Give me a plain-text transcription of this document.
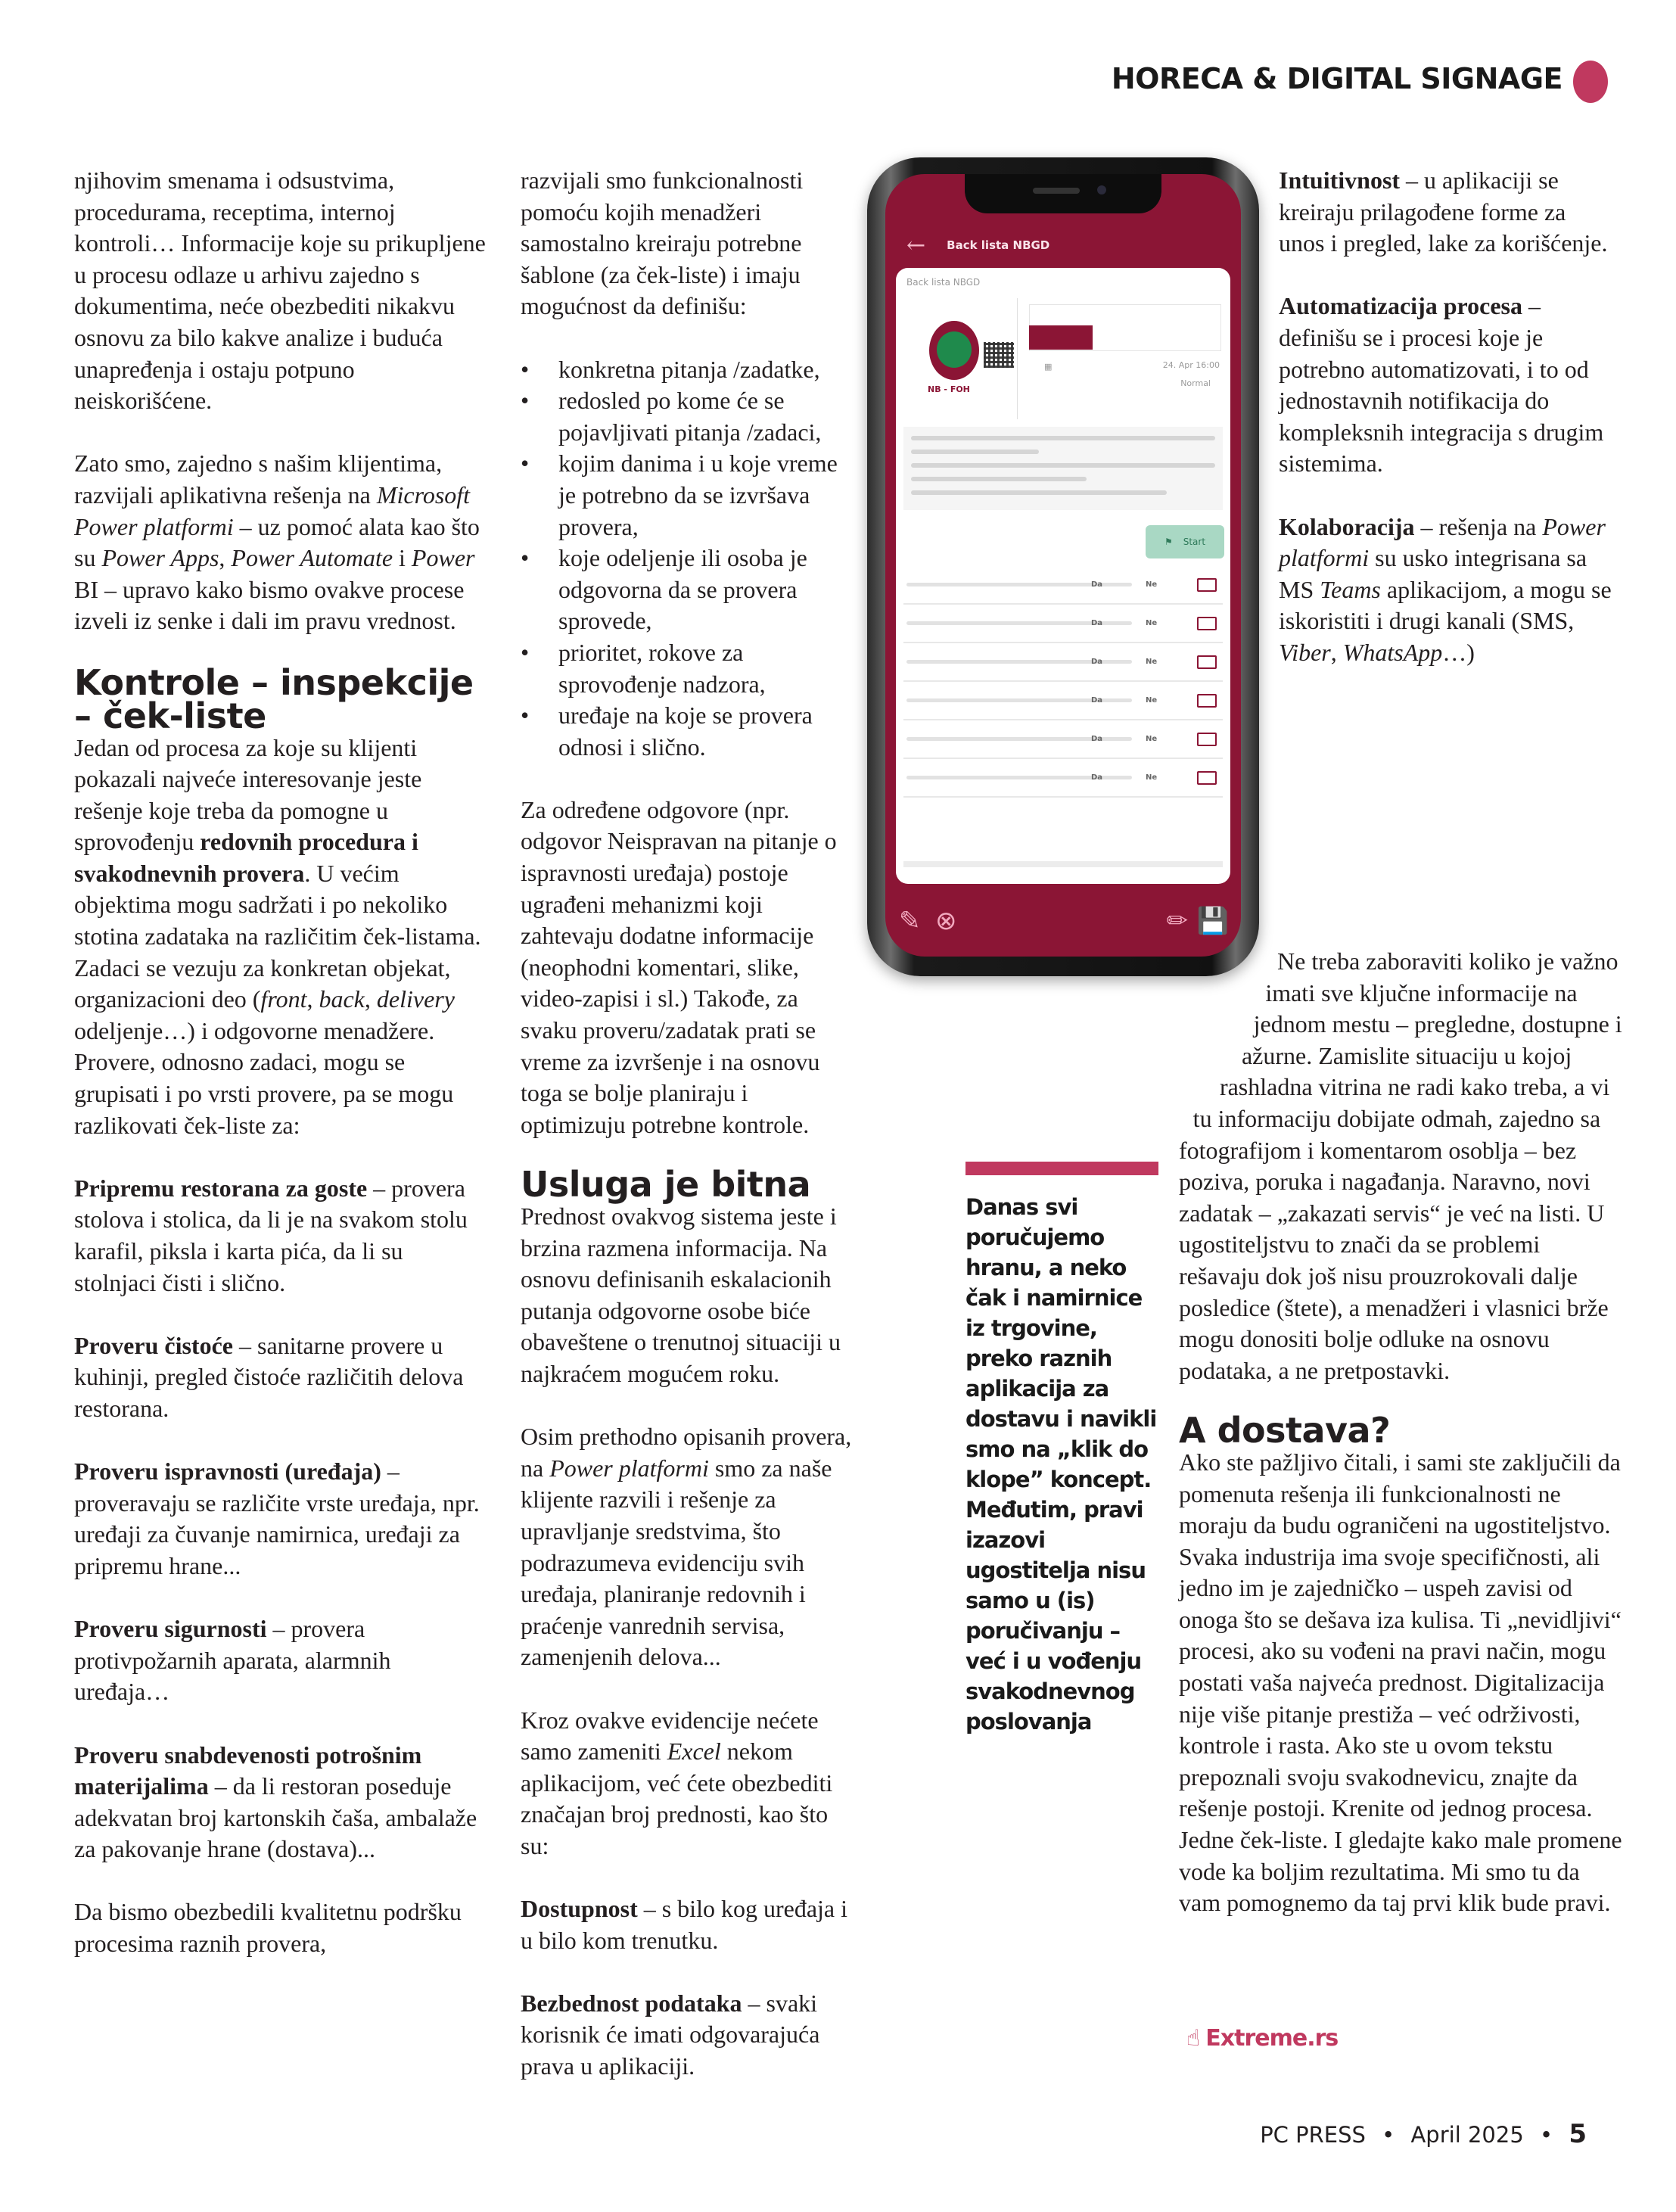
HORECA & DIGITAL SIGNAGE

njihovim smenama i odsustvima, procedurama, receptima, internoj kontroli… Informacije koje su prikupljene u procesu odlaze u arhivu zajedno s dokumentima, neće obezbediti nikakvu osnovu za bilo kakve analize i buduća unapređenja i ostaju potpuno neiskorišćene.

Zato smo, zajedno s našim klijentima, razvijali aplikativna rešenja na Microsoft Power platformi – uz pomoć alata kao što su Power Apps, Power Automate i Power BI – upravo kako bismo ovakve procese izveli iz senke i dali im pravu vrednost.

Kontrole – inspekcije – ček-liste

Jedan od procesa za koje su klijenti pokazali najveće interesovanje jeste rešenje koje treba da pomogne u sprovođenju redovnih procedura i svakodnevnih provera. U većim objektima mogu sadržati i po nekoliko stotina zadataka na različitim ček-listama. Zadaci se vezuju za konkretan objekat, organizacioni deo (front, back, delivery odeljenje…) i odgovorne menadžere. Provere, odnosno zadaci, mogu se grupisati i po vrsti provere, pa se mogu razlikovati ček-liste za:

Pripremu restorana za goste – provera stolova i stolica, da li je na svakom stolu karafil, piksla i karta pića, da li su stolnjaci čisti i slično.

Proveru čistoće – sanitarne provere u kuhinji, pregled čistoće različitih delova restorana.

Proveru ispravnosti (uređaja) – proveravaju se različite vrste uređaja, npr. uređaji za čuvanje namirnica, uređaji za pripremu hrane...

Proveru sigurnosti – provera protivpožarnih aparata, alarmnih uređaja…

Proveru snabdevenosti potrošnim materijalima – da li restoran poseduje adekvatan broj kartonskih čaša, ambalaže za pakovanje hrane (dostava)...

Da bismo obezbedili kvalitetnu podršku procesima raznih provera,

razvijali smo funkcionalnosti pomoću kojih menadžeri samostalno kreiraju potrebne šablone (za ček-liste) i imaju mogućnost da definišu:

• konkretna pitanja /zadatke,
• redosled po kome će se pojavljivati pitanja /zadaci,
• kojim danima i u koje vreme je potrebno da se izvršava provera,
• koje odeljenje ili osoba je odgovorna da se provera sprovede,
• prioritet, rokove za sprovođenje nadzora,
• uređaje na koje se provera odnosi i slično.

Za određene odgovore (npr. odgovor Neispravan na pitanje o ispravnosti uređaja) postoje ugrađeni mehanizmi koji zahtevaju dodatne informacije (neophodni komentari, slike, video-zapisi i sl.) Takođe, za svaku proveru/zadatak prati se vreme za izvršenje i na osnovu toga se bolje planiraju i optimizuju potrebne kontrole.

Usluga je bitna

Prednost ovakvog sistema jeste i brzina razmena informacija. Na osnovu definisanih eskalacionih putanja odgovorne osobe biće obaveštene o trenutnoj situaciji u najkraćem mogućem roku.

Osim prethodno opisanih provera, na Power platformi smo za naše klijente razvili i rešenje za upravljanje sredstvima, što podrazumeva evidenciju svih uređaja, planiranje redovnih i praćenje vanrednih servisa, zamenjenih delova...

Kroz ovakve evidencije nećete samo zameniti Excel nekom aplikacijom, već ćete obezbediti značajan broj prednosti, kao što su:

Dostupnost – s bilo kog uređaja i u bilo kom trenutku.

Bezbednost podataka – svaki korisnik će imati odgovarajuća prava u aplikaciji.

← Back lista NBGD
Back lista NBGD
NB - FOH
▦	24. Apr 16:00
Normal
⚑ Start
Da	Ne
Da	Ne
Da	Ne
Da	Ne
Da	Ne
Da	Ne
✎ ⊗	✏ 💾
Danas svi poručujemo hranu, a neko čak i namirnice iz trgovine, preko raznih aplikacija za dostavu i navikli smo na „klik do klope” koncept. Međutim, pravi izazovi ugostitelja nisu samo u (is) poručivanju – već i u vođenju svakodnevnog poslovanja

Intuitivnost – u aplikaciji se kreiraju prilagođene forme za unos i pregled, lake za korišćenje.

Automatizacija procesa – definišu se i procesi koje je potrebno automatizovati, i to od jednostavnih notifikacija do kompleksnih integracija s drugim sistemima.

Kolaboracija – rešenja na Power platformi su usko integrisana sa MS Teams aplikacijom, a mogu se iskoristiti i drugi kanali (SMS, Viber, WhatsApp…)

Ne treba zaboraviti koliko je važno imati sve ključne informacije na jednom mestu – pregledne, dostupne i ažurne. Zamislite situaciju u kojoj rashladna vitrina ne radi kako treba, a vi tu informaciju dobijate odmah, zajedno sa fotografijom i komentarom osoblja – bez poziva, poruka i nagađanja. Naravno, novi zadatak – „zakazati servis“ je već na listi. U ugostiteljstvu to znači da se problemi rešavaju dok još nisu prouzrokovali dalje posledice (štete), a menadžeri i vlasnici brže mogu donositi bolje odluke na osnovu podataka, a ne pretpostavki.

A dostava?

Ako ste pažljivo čitali, i sami ste zaključili da pomenuta rešenja ili funkcionalnosti ne moraju da budu ograničeni na ugostiteljstvo. Svaka industrija ima svoje specifičnosti, ali jedno im je zajedničko – uspeh zavisi od onoga što se dešava iza kulisa. Ti „nevidljivi“ procesi, ako su vođeni na pravi način, mogu postati vaša najveća prednost. Digitalizacija nije više pitanje prestiža – već održivosti, kontrole i rasta. Ako ste u ovom tekstu prepoznali svoju svakodnevicu, znajte da rešenje postoji. Krenite od jednog procesa. Jedne ček-liste. I gledajte kako male promene vode ka boljim rezultatima. Mi smo tu da vam pomognemo da taj prvi klik bude pravi.

☝ Extreme.rs
PC PRESS • April 2025 • 5
